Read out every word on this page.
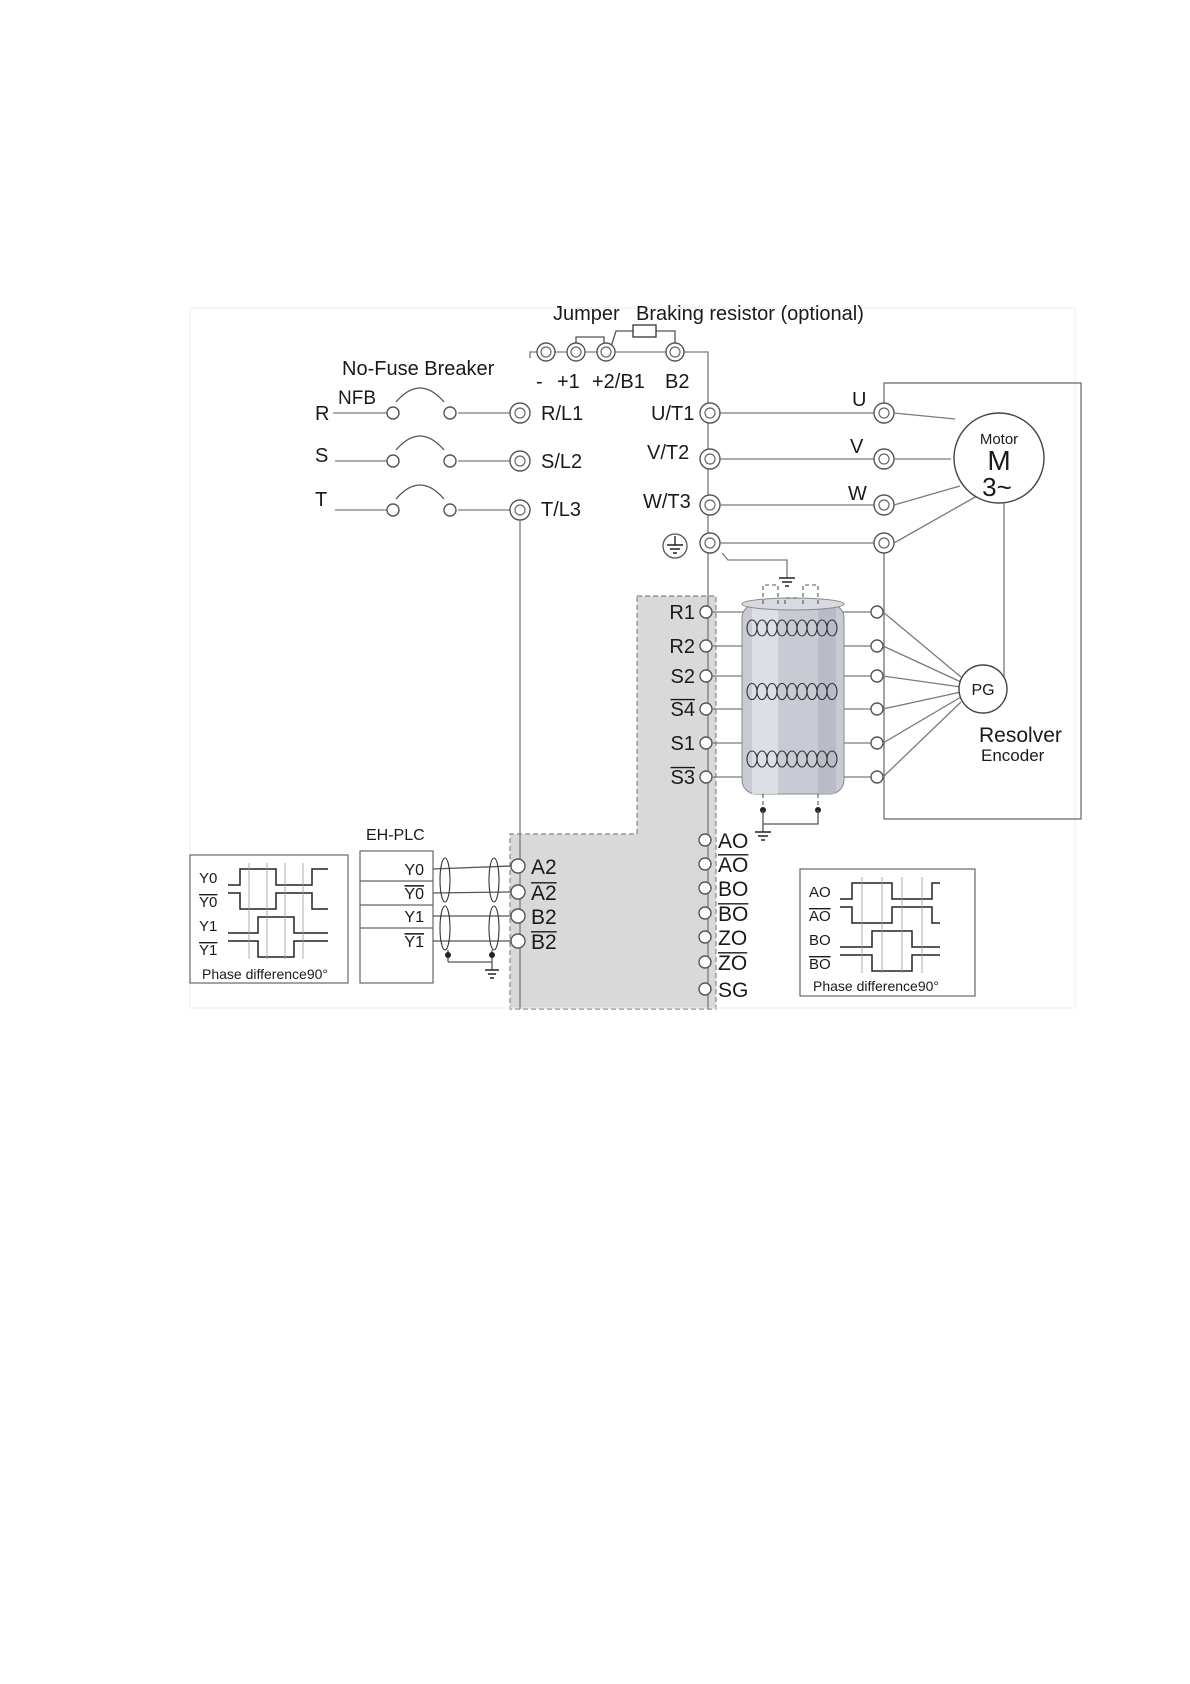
Jumper Braking resistor (optional)
- +1 +2/B1 B2
No-Fuse Breaker
NFB
R
S
T
R/L1
S/L2
T/L3
U/T1
V/T2
W/T3
U
V
W
Motor
M
3~
R1
R2
S2
S4
S1
S3
PG
Resolver
Encoder
A2
A2
B2
B2
AO
AO
BO
BO
ZO
ZO
SG
EH-PLC
Y0
Y0
Y1
Y1
Y0
Y0
Y1
Y1
Phase difference90°
AO
AO
BO
BO
Phase difference90°
